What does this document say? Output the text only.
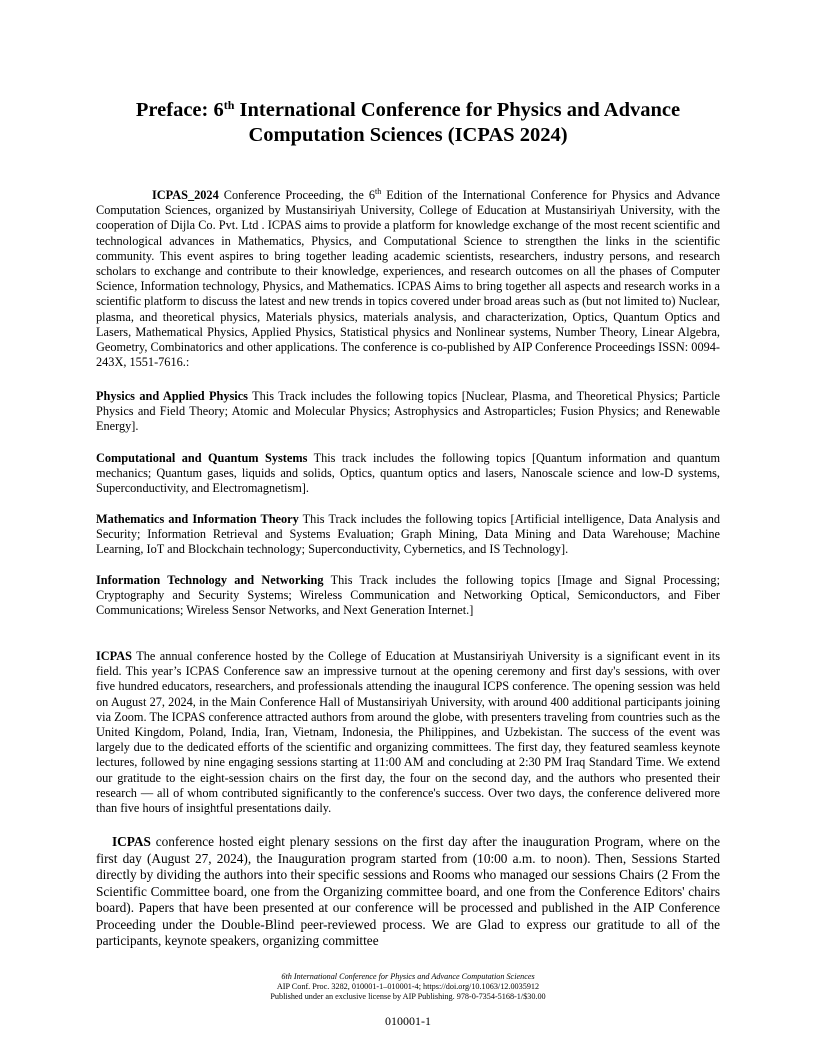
Preface: 6th International Conference for Physics and Advance Computation Sciences (ICPAS 2024)

ICPAS_2024 Conference Proceeding, the 6th Edition of the International Conference for Physics and Advance Computation Sciences, organized by Mustansiriyah University, College of Education at Mustansiriyah University, with the cooperation of Dijla Co. Pvt. Ltd . ICPAS aims to provide a platform for knowledge exchange of the most recent scientific and technological advances in Mathematics, Physics, and Computational Science to strengthen the links in the scientific community. This event aspires to bring together leading academic scientists, researchers, industry persons, and research scholars to exchange and contribute to their knowledge, experiences, and research outcomes on all the phases of Computer Science, Information technology, Physics, and Mathematics. ICPAS Aims to bring together all aspects and research works in a scientific platform to discuss the latest and new trends in topics covered under broad areas such as (but not limited to) Nuclear, plasma, and theoretical physics, Materials physics, materials analysis, and characterization, Optics, Quantum Optics and Lasers, Mathematical Physics, Applied Physics, Statistical physics and Nonlinear systems, Number Theory, Linear Algebra, Geometry, Combinatorics and other applications. The conference is co-published by AIP Conference Proceedings ISSN: 0094-243X, 1551-7616.:

Physics and Applied Physics This Track includes the following topics [Nuclear, Plasma, and Theoretical Physics; Particle Physics and Field Theory; Atomic and Molecular Physics; Astrophysics and Astroparticles; Fusion Physics; and Renewable Energy].

Computational and Quantum Systems This track includes the following topics [Quantum information and quantum mechanics; Quantum gases, liquids and solids, Optics, quantum optics and lasers, Nanoscale science and low-D systems, Superconductivity, and Electromagnetism].

Mathematics and Information Theory This Track includes the following topics [Artificial intelligence, Data Analysis and Security; Information Retrieval and Systems Evaluation; Graph Mining, Data Mining and Data Warehouse; Machine Learning, IoT and Blockchain technology; Superconductivity, Cybernetics, and IS Technology].

Information Technology and Networking This Track includes the following topics [Image and Signal Processing; Cryptography and Security Systems; Wireless Communication and Networking Optical, Semiconductors, and Fiber Communications; Wireless Sensor Networks, and Next Generation Internet.]

ICPAS The annual conference hosted by the College of Education at Mustansiriyah University is a significant event in its field. This year’s ICPAS Conference saw an impressive turnout at the opening ceremony and first day's sessions, with over five hundred educators, researchers, and professionals attending the inaugural ICPS conference. The opening session was held on August 27, 2024, in the Main Conference Hall of Mustansiriyah University, with around 400 additional participants joining via Zoom. The ICPAS conference attracted authors from around the globe, with presenters traveling from countries such as the United Kingdom, Poland, India, Iran, Vietnam, Indonesia, the Philippines, and Uzbekistan. The success of the event was largely due to the dedicated efforts of the scientific and organizing committees. The first day, they featured seamless keynote lectures, followed by nine engaging sessions starting at 11:00 AM and concluding at 2:30 PM Iraq Standard Time. We extend our gratitude to the eight-session chairs on the first day, the four on the second day, and the authors who presented their research — all of whom contributed significantly to the conference's success. Over two days, the conference delivered more than five hours of insightful presentations daily.

ICPAS conference hosted eight plenary sessions on the first day after the inauguration Program, where on the first day (August 27, 2024), the Inauguration program started from (10:00 a.m. to noon). Then, Sessions Started directly by dividing the authors into their specific sessions and Rooms who managed our sessions Chairs (2 From the Scientific Committee board, one from the Organizing committee board, and one from the Conference Editors' chairs board). Papers that have been presented at our conference will be processed and published in the AIP Conference Proceeding under the Double-Blind peer-reviewed process. We are Glad to express our gratitude to all of the participants, keynote speakers, organizing committee

6th International Conference for Physics and Advance Computation Sciences
AIP Conf. Proc. 3282, 010001-1–010001-4; https://doi.org/10.1063/12.0035912
Published under an exclusive license by AIP Publishing. 978-0-7354-5168-1/$30.00
010001-1
